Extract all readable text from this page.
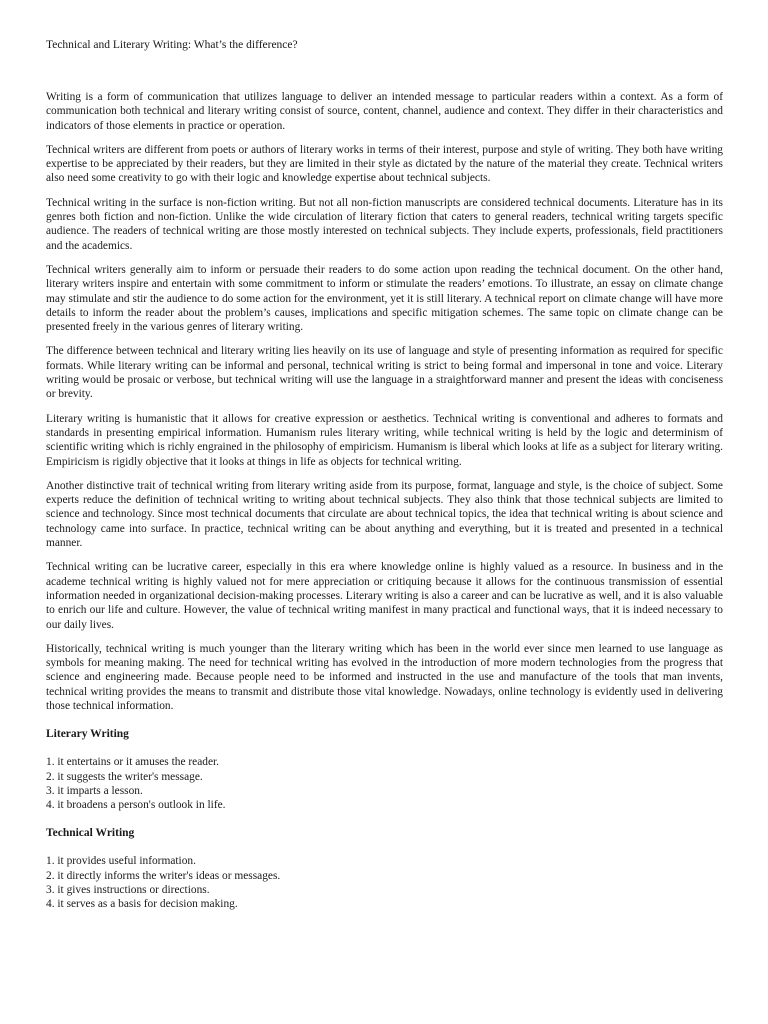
Technical and Literary Writing: What’s the difference?

Writing is a form of communication that utilizes language to deliver an intended message to particular readers within a context. As a form of communication both technical and literary writing consist of source, content, channel, audience and context. They differ in their characteristics and indicators of those elements in practice or operation.

Technical writers are different from poets or authors of literary works in terms of their interest, purpose and style of writing. They both have writing expertise to be appreciated by their readers, but they are limited in their style as dictated by the nature of the material they create. Technical writers also need some creativity to go with their logic and knowledge expertise about technical subjects.

Technical writing in the surface is non-fiction writing. But not all non-fiction manuscripts are considered technical documents. Literature has in its genres both fiction and non-fiction. Unlike the wide circulation of literary fiction that caters to general readers, technical writing targets specific audience. The readers of technical writing are those mostly interested on technical subjects. They include experts, professionals, field practitioners and the academics.

Technical writers generally aim to inform or persuade their readers to do some action upon reading the technical document. On the other hand, literary writers inspire and entertain with some commitment to inform or stimulate the readers’ emotions. To illustrate, an essay on climate change may stimulate and stir the audience to do some action for the environment, yet it is still literary. A technical report on climate change will have more details to inform the reader about the problem’s causes, implications and specific mitigation schemes. The same topic on climate change can be presented freely in the various genres of literary writing.

The difference between technical and literary writing lies heavily on its use of language and style of presenting information as required for specific formats. While literary writing can be informal and personal, technical writing is strict to being formal and impersonal in tone and voice. Literary writing would be prosaic or verbose, but technical writing will use the language in a straightforward manner and present the ideas with conciseness or brevity.

Literary writing is humanistic that it allows for creative expression or aesthetics. Technical writing is conventional and adheres to formats and standards in presenting empirical information. Humanism rules literary writing, while technical writing is held by the logic and determinism of scientific writing which is richly engrained in the philosophy of empiricism. Humanism is liberal which looks at life as a subject for literary writing. Empiricism is rigidly objective that it looks at things in life as objects for technical writing.

Another distinctive trait of technical writing from literary writing aside from its purpose, format, language and style, is the choice of subject. Some experts reduce the definition of technical writing to writing about technical subjects. They also think that those technical subjects are limited to science and technology. Since most technical documents that circulate are about technical topics, the idea that technical writing is about science and technology came into surface. In practice, technical writing can be about anything and everything, but it is treated and presented in a technical manner.

Technical writing can be lucrative career, especially in this era where knowledge online is highly valued as a resource. In business and in the academe technical writing is highly valued not for mere appreciation or critiquing because it allows for the continuous transmission of essential information needed in organizational decision-making processes. Literary writing is also a career and can be lucrative as well, and it is also valuable to enrich our life and culture. However, the value of technical writing manifest in many practical and functional ways, that it is indeed necessary to our daily lives.

Historically, technical writing is much younger than the literary writing which has been in the world ever since men learned to use language as symbols for meaning making. The need for technical writing has evolved in the introduction of more modern technologies from the progress that science and engineering made. Because people need to be informed and instructed in the use and manufacture of the tools that man invents, technical writing provides the means to transmit and distribute those vital knowledge. Nowadays, online technology is evidently used in delivering those technical information.

Literary Writing
1. it entertains or it amuses the reader.
2. it suggests the writer's message.
3. it imparts a lesson.
4. it broadens a person's outlook in life.
Technical Writing
1. it provides useful information.
2. it directly informs the writer's ideas or messages.
3. it gives instructions or directions.
4. it serves as a basis for decision making.
